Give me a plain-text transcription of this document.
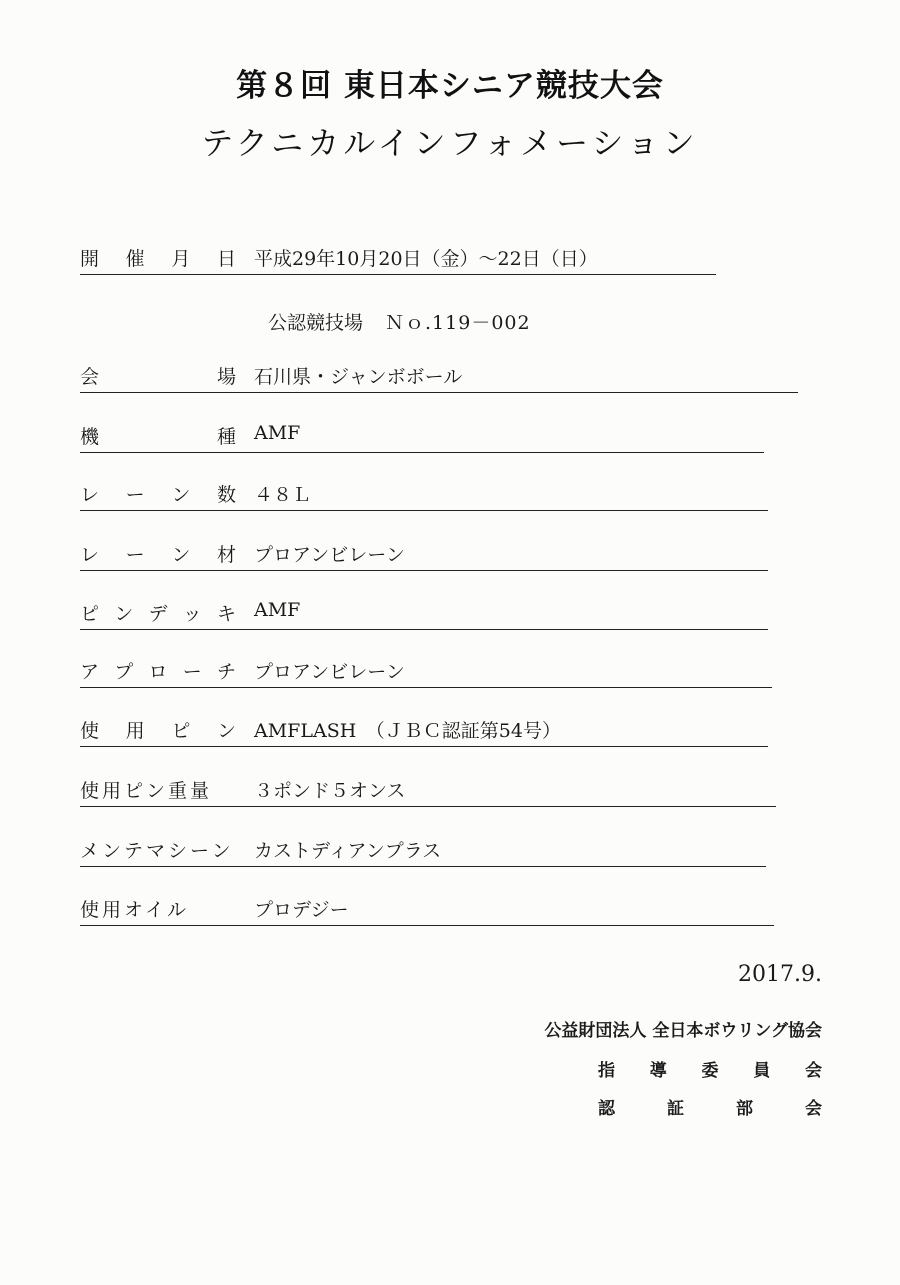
第８回 東日本シニア競技大会
テクニカルインフォメーション
開 催 月 日 平成29年10月20日（金）～22日（日）
会	場 石川県・ジャンボボール
機	種 AMF
レ ー ン 数 ４８Ｌ
レ ー ン 材 プロアンビレーン
ピ ン デ ッ キ AMF
ア プ ロ ー チ プロアンビレーン
使 用 ピ ン AMFLASH　（ＪＢＣ認証第54号）
使用ピン重量 ３ポンド５オンス
メンテマシーン カストディアンプラス
使用オイル	プロデジー
公認競技場 Ｎｏ.119－002
2017.9.
公益財団法人 全日本ボウリング協会
指 導 委 員 会
認	証	部	会
